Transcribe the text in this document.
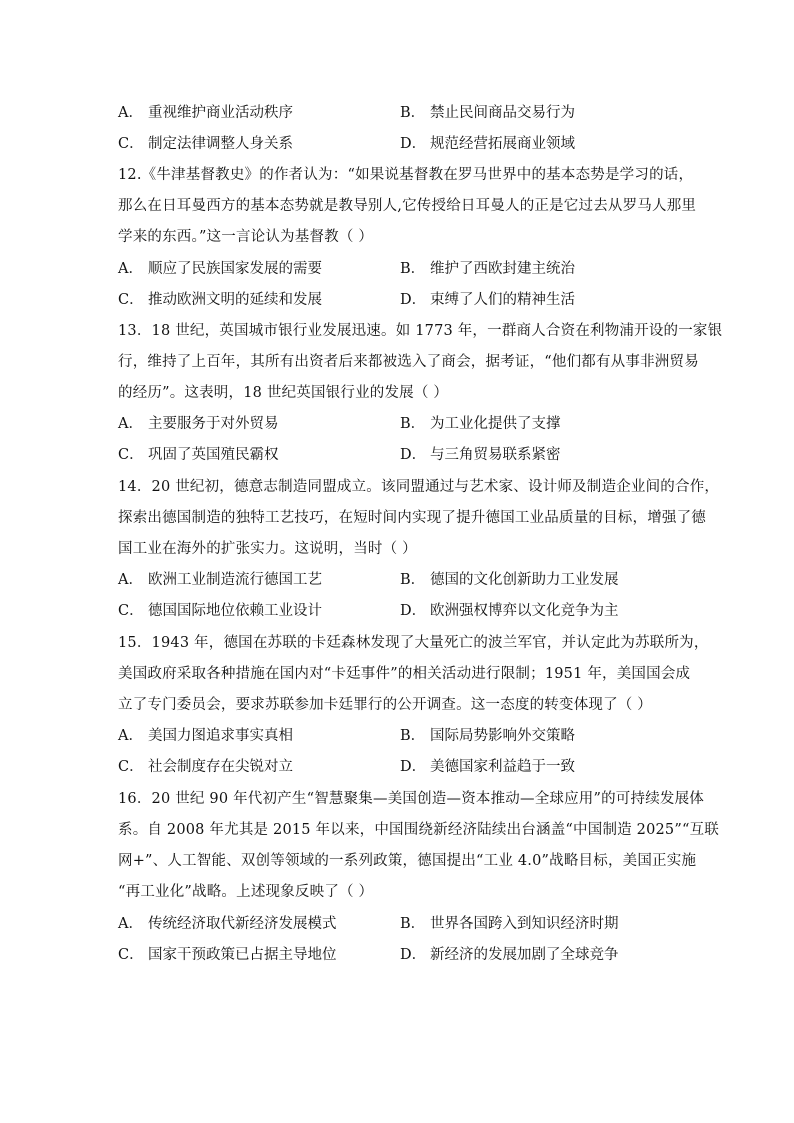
A． 重视维护商业活动秩序	B． 禁止民间商品交易行为
C． 制定法律调整人身关系	D． 规范经营拓展商业领域
12.《牛津基督教史》的作者认为：“如果说基督教在罗马世界中的基本态势是学习的话，
那么在日耳曼西方的基本态势就是教导别人,它传授给日耳曼人的正是它过去从罗马人那里
学来的东西。”这一言论认为基督教（ ）
A． 顺应了民族国家发展的需要	B． 维护了西欧封建主统治
C． 推动欧洲文明的延续和发展	D． 束缚了人们的精神生活
13．18 世纪，英国城市银行业发展迅速。如 1773 年，一群商人合资在利物浦开设的一家银
行，维持了上百年，其所有出资者后来都被选入了商会，据考证，“他们都有从事非洲贸易
的经历”。这表明，18 世纪英国银行业的发展（ ）
A． 主要服务于对外贸易	B． 为工业化提供了支撑
C． 巩固了英国殖民霸权	D． 与三角贸易联系紧密
14．20 世纪初，德意志制造同盟成立。该同盟通过与艺术家、设计师及制造企业间的合作，
探索出德国制造的独特工艺技巧，在短时间内实现了提升德国工业品质量的目标，增强了德
国工业在海外的扩张实力。这说明，当时（ ）
A． 欧洲工业制造流行德国工艺	B． 德国的文化创新助力工业发展
C． 德国国际地位依赖工业设计	D． 欧洲强权博弈以文化竞争为主
15．1943 年，德国在苏联的卡廷森林发现了大量死亡的波兰军官，并认定此为苏联所为，
美国政府采取各种措施在国内对“卡廷事件”的相关活动进行限制；1951 年，美国国会成
立了专门委员会，要求苏联参加卡廷罪行的公开调查。这一态度的转变体现了（ ）
A． 美国力图追求事实真相	B． 国际局势影响外交策略
C． 社会制度存在尖锐对立	D． 美德国家利益趋于一致
16．20 世纪 90 年代初产生“智慧聚集—美国创造—资本推动—全球应用”的可持续发展体
系。自 2008 年尤其是 2015 年以来，中国围绕新经济陆续出台涵盖“中国制造 2025”“互联
网+”、人工智能、双创等领域的一系列政策，德国提出“工业 4.0”战略目标，美国正实施
“再工业化”战略。上述现象反映了（ ）
A． 传统经济取代新经济发展模式	B． 世界各国跨入到知识经济时期
C． 国家干预政策已占据主导地位	D． 新经济的发展加剧了全球竞争
